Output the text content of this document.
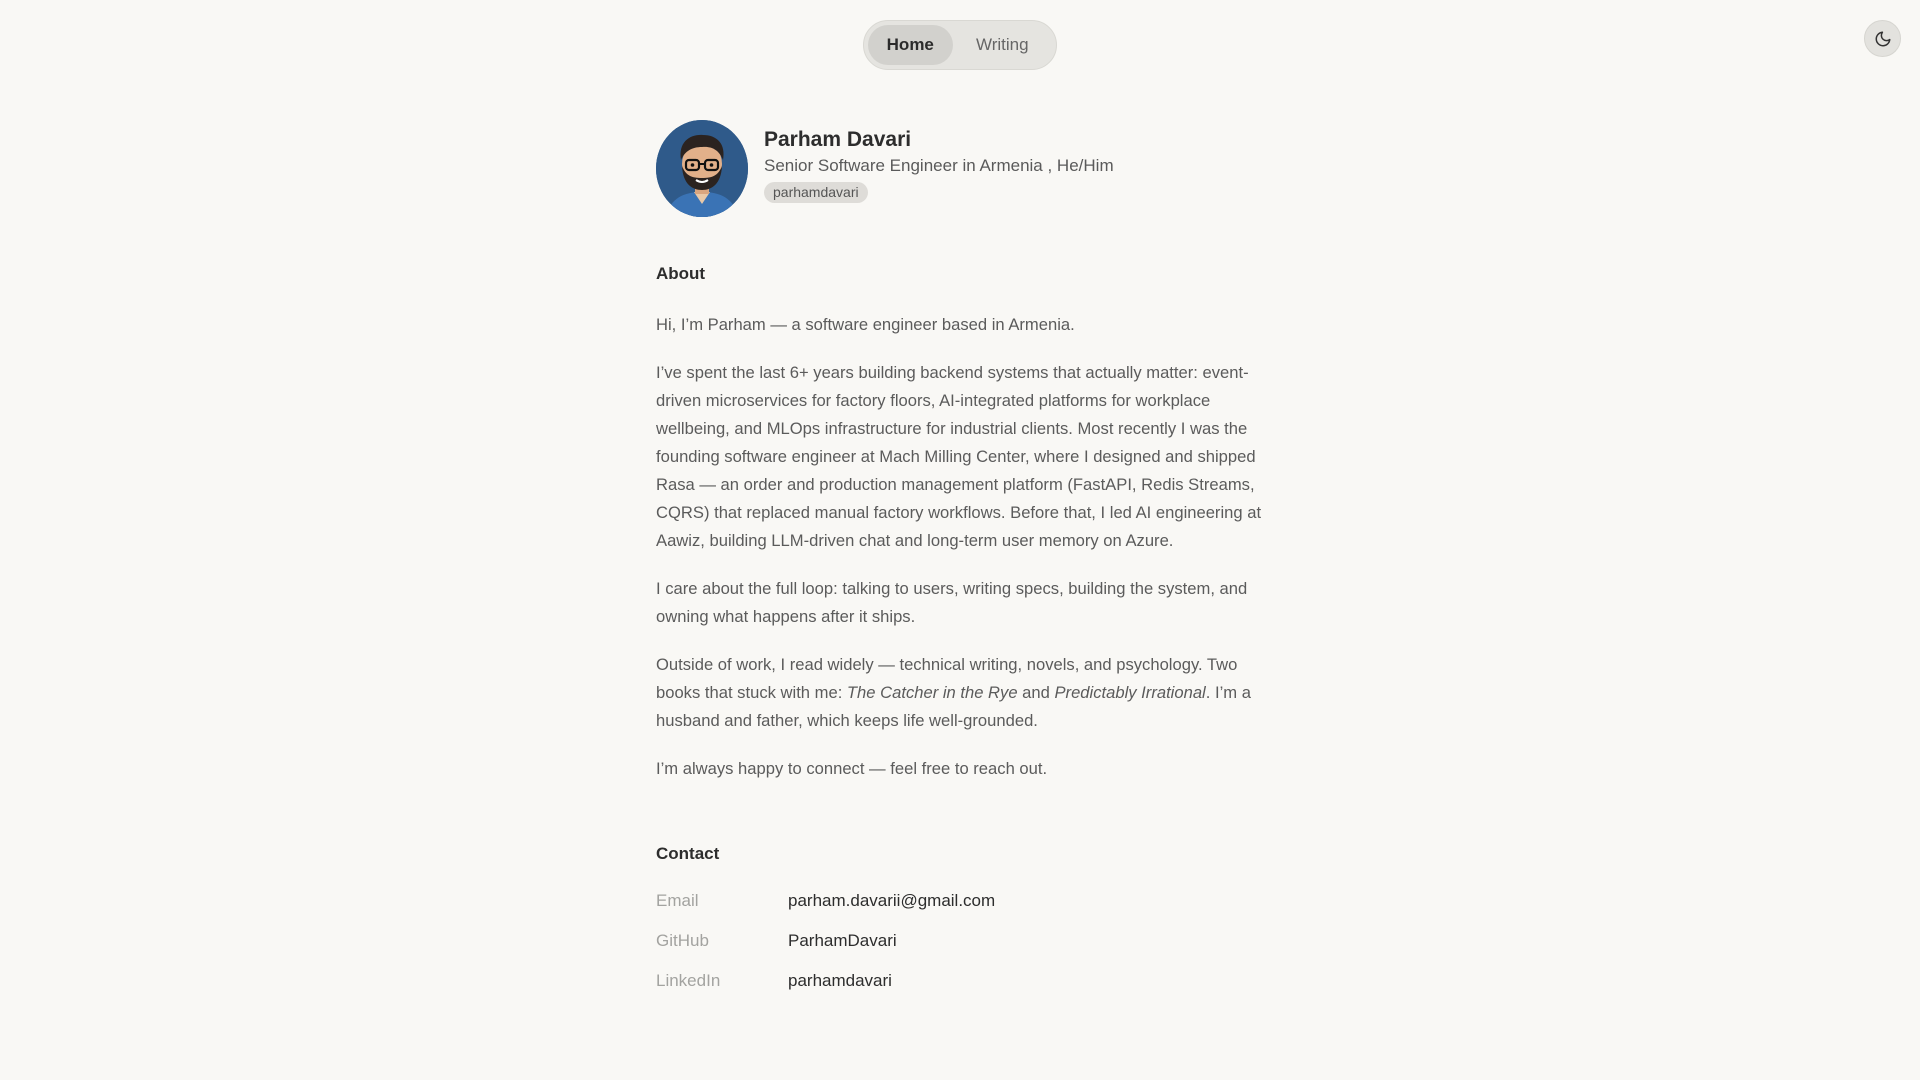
Home	Writing
Parham Davari
Senior Software Engineer in Armenia , He/Him
parhamdavari
About

Hi, I’m Parham — a software engineer based in Armenia.

I’ve spent the last 6+ years building backend systems that actually matter: event-driven microservices for factory floors, AI-integrated platforms for workplace wellbeing, and MLOps infrastructure for industrial clients. Most recently I was the founding software engineer at Mach Milling Center, where I designed and shipped Rasa — an order and production management platform (FastAPI, Redis Streams, CQRS) that replaced manual factory workflows. Before that, I led AI engineering at Aawiz, building LLM-driven chat and long-term user memory on Azure.

I care about the full loop: talking to users, writing specs, building the system, and owning what happens after it ships.

Outside of work, I read widely — technical writing, novels, and psychology. Two books that stuck with me: The Catcher in the Rye and Predictably Irrational. I’m a husband and father, which keeps life well-grounded.

I’m always happy to connect — feel free to reach out.

Contact
Email	parham.davarii@gmail.com
GitHub	ParhamDavari
LinkedIn	parhamdavari
